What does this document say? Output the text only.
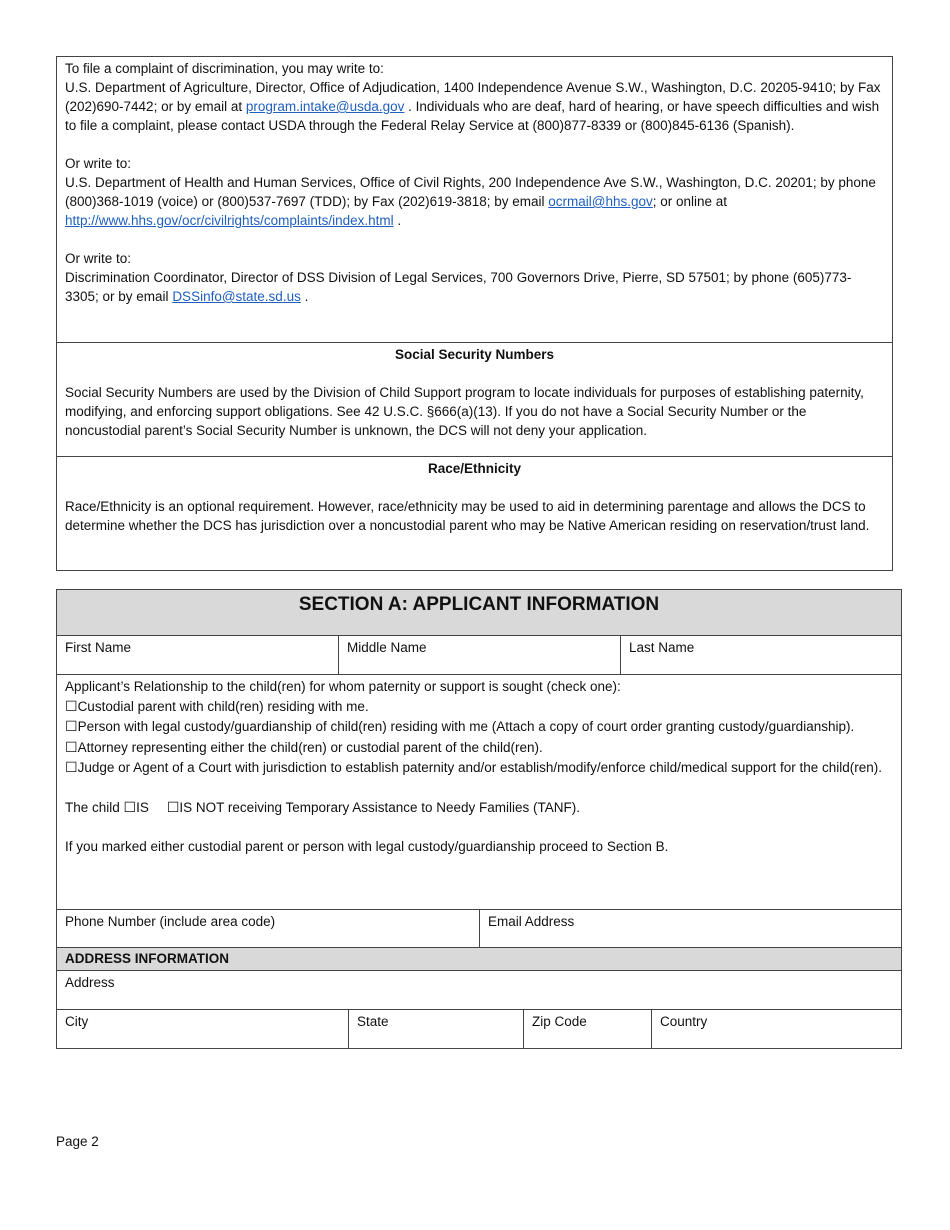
To file a complaint of discrimination, you may write to:

U.S. Department of Agriculture, Director, Office of Adjudication, 1400 Independence Avenue S.W., Washington, D.C. 20205-9410; by Fax (202)690-7442; or by email at program.intake@usda.gov . Individuals who are deaf, hard of hearing, or have speech difficulties and wish to file a complaint, please contact USDA through the Federal Relay Service at (800)877-8339 or (800)845-6136 (Spanish).

Or write to:

U.S. Department of Health and Human Services, Office of Civil Rights, 200 Independence Ave S.W., Washington, D.C. 20201; by phone (800)368-1019 (voice) or (800)537-7697 (TDD); by Fax (202)619-3818; by email ocrmail@hhs.gov; or online at http://www.hhs.gov/ocr/civilrights/complaints/index.html .

Or write to:

Discrimination Coordinator, Director of DSS Division of Legal Services, 700 Governors Drive, Pierre, SD 57501; by phone (605)773-3305; or by email DSSinfo@state.sd.us .

Social Security Numbers

Social Security Numbers are used by the Division of Child Support program to locate individuals for purposes of establishing paternity, modifying, and enforcing support obligations. See 42 U.S.C. §666(a)(13). If you do not have a Social Security Number or the noncustodial parent’s Social Security Number is unknown, the DCS will not deny your application.

Race/Ethnicity

Race/Ethnicity is an optional requirement. However, race/ethnicity may be used to aid in determining parentage and allows the DCS to determine whether the DCS has jurisdiction over a noncustodial parent who may be Native American residing on reservation/trust land.

SECTION A: APPLICANT INFORMATION
First Name	Middle Name	Last Name

Applicant’s Relationship to the child(ren) for whom paternity or support is sought (check one):

☐Custodial parent with child(ren) residing with me.

☐Person with legal custody/guardianship of child(ren) residing with me (Attach a copy of court order granting custody/guardianship).

☐Attorney representing either the child(ren) or custodial parent of the child(ren).

☐Judge or Agent of a Court with jurisdiction to establish paternity and/or establish/modify/enforce child/medical support for the child(ren).

The child ☐IS ☐IS NOT receiving Temporary Assistance to Needy Families (TANF).

If you marked either custodial parent or person with legal custody/guardianship proceed to Section B.

Phone Number (include area code)	Email Address
ADDRESS INFORMATION
Address
City	State	Zip Code	Country
Page 2
